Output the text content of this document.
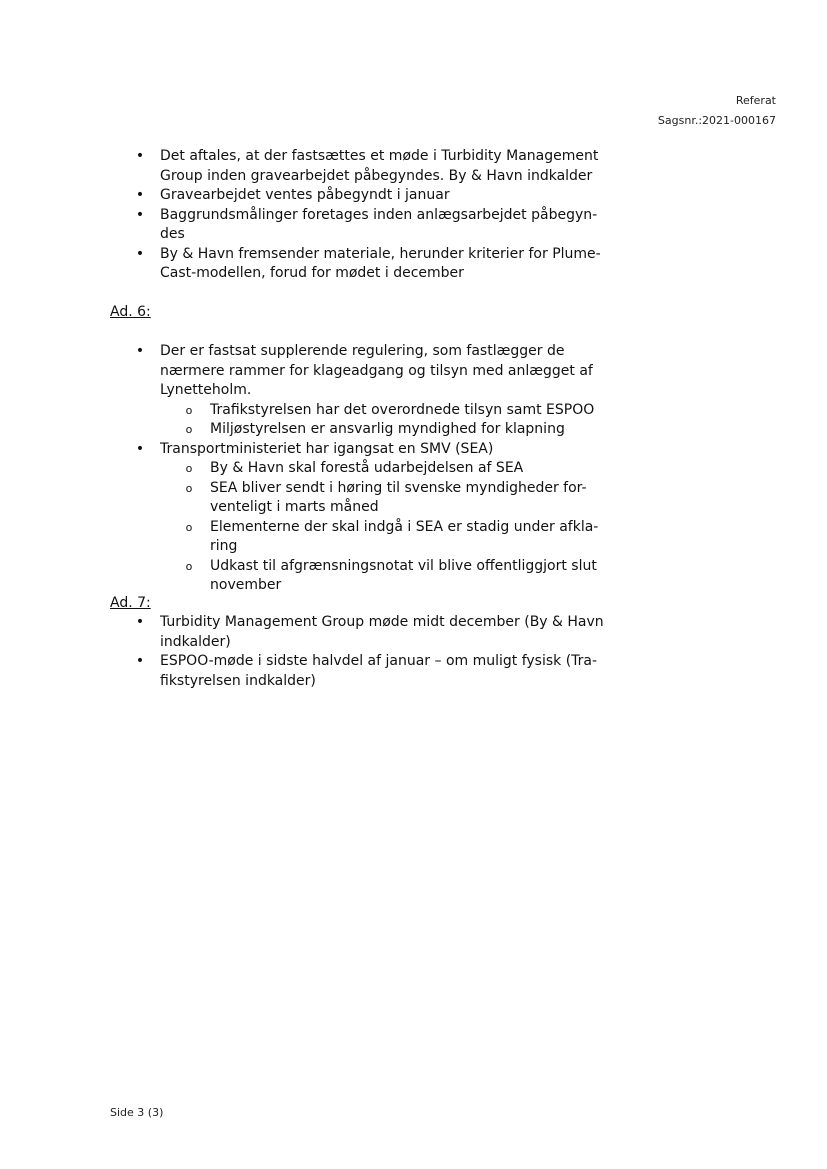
Referat
Sagsnr.:2021-000167
• Det aftales, at der fastsættes et møde i Turbidity Management Group inden gravearbejdet påbegyndes. By & Havn indkalder
• Gravearbejdet ventes påbegyndt i januar
• Baggrundsmålinger foretages inden anlægsarbejdet påbegyn-des
• By & Havn fremsender materiale, herunder kriterier for Plume-Cast-modellen, forud for mødet i december
Ad. 6:
• Der er fastsat supplerende regulering, som fastlægger de nærmere rammer for klageadgang og tilsyn med anlægget af Lynetteholm.
o Trafikstyrelsen har det overordnede tilsyn samt ESPOO
o Miljøstyrelsen er ansvarlig myndighed for klapning
• Transportministeriet har igangsat en SMV (SEA)
o By & Havn skal forestå udarbejdelsen af SEA
o SEA bliver sendt i høring til svenske myndigheder for-venteligt i marts måned
o Elementerne der skal indgå i SEA er stadig under afkla-ring
o Udkast til afgrænsningsnotat vil blive offentliggjort slut november
Ad. 7:
• Turbidity Management Group møde midt december (By & Havn indkalder)
• ESPOO-møde i sidste halvdel af januar – om muligt fysisk (Tra-fikstyrelsen indkalder)
Side 3 (3)
